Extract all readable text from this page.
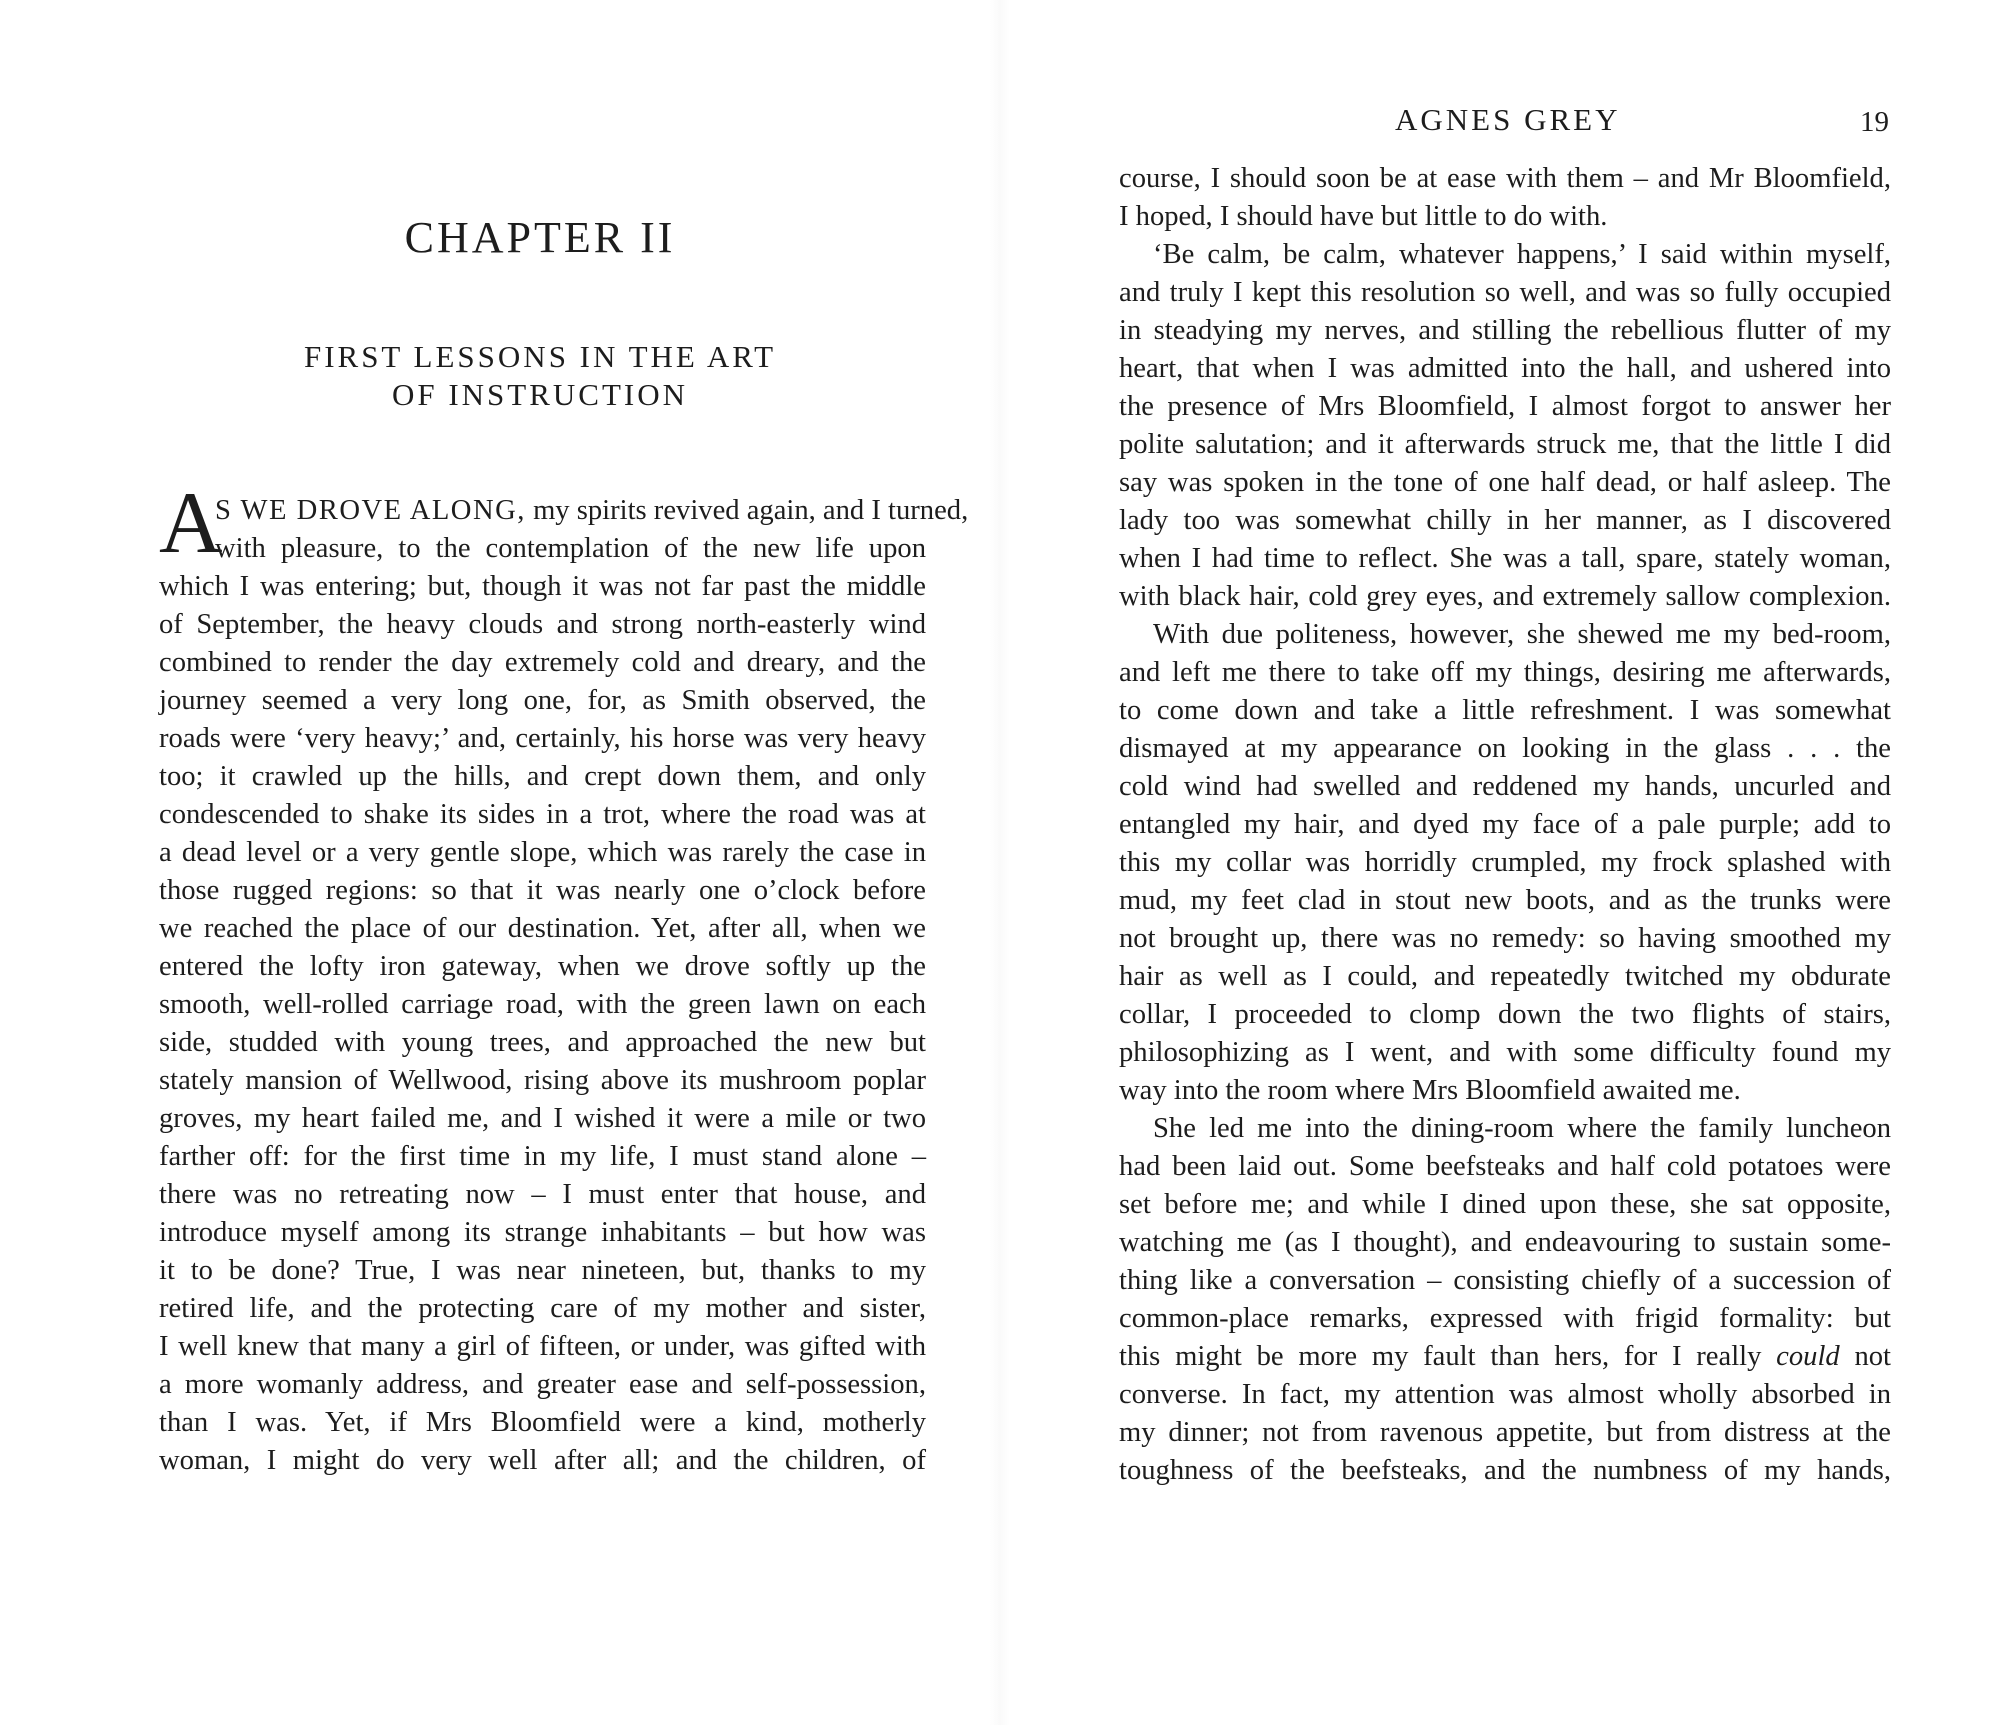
CHAPTER II
FIRST LESSONS IN THE ART
OF INSTRUCTION
A
S WE DROVE ALONG, my spirits revived again, and I turned,
with pleasure, to the contemplation of the new life upon
which I was entering; but, though it was not far past the middle
of September, the heavy clouds and strong north-easterly wind
combined to render the day extremely cold and dreary, and the
journey seemed a very long one, for, as Smith observed, the
roads were ‘very heavy;’ and, certainly, his horse was very heavy
too; it crawled up the hills, and crept down them, and only
condescended to shake its sides in a trot, where the road was at
a dead level or a very gentle slope, which was rarely the case in
those rugged regions: so that it was nearly one o’clock before
we reached the place of our destination. Yet, after all, when we
entered the lofty iron gateway, when we drove softly up the
smooth, well-rolled carriage road, with the green lawn on each
side, studded with young trees, and approached the new but
stately mansion of Wellwood, rising above its mushroom poplar
groves, my heart failed me, and I wished it were a mile or two
farther off: for the first time in my life, I must stand alone –
there was no retreating now – I must enter that house, and
introduce myself among its strange inhabitants – but how was
it to be done? True, I was near nineteen, but, thanks to my
retired life, and the protecting care of my mother and sister,
I well knew that many a girl of fifteen, or under, was gifted with
a more womanly address, and greater ease and self-possession,
than I was. Yet, if Mrs Bloomfield were a kind, motherly
woman, I might do very well after all; and the children, of
AGNES GREY	19
course, I should soon be at ease with them – and Mr Bloomfield,
I hoped, I should have but little to do with.
‘Be calm, be calm, whatever happens,’ I said within myself,
and truly I kept this resolution so well, and was so fully occupied
in steadying my nerves, and stilling the rebellious flutter of my
heart, that when I was admitted into the hall, and ushered into
the presence of Mrs Bloomfield, I almost forgot to answer her
polite salutation; and it afterwards struck me, that the little I did
say was spoken in the tone of one half dead, or half asleep. The
lady too was somewhat chilly in her manner, as I discovered
when I had time to reflect. She was a tall, spare, stately woman,
with black hair, cold grey eyes, and extremely sallow complexion.
With due politeness, however, she shewed me my bed-room,
and left me there to take off my things, desiring me afterwards,
to come down and take a little refreshment. I was somewhat
dismayed at my appearance on looking in the glass . . . the
cold wind had swelled and reddened my hands, uncurled and
entangled my hair, and dyed my face of a pale purple; add to
this my collar was horridly crumpled, my frock splashed with
mud, my feet clad in stout new boots, and as the trunks were
not brought up, there was no remedy: so having smoothed my
hair as well as I could, and repeatedly twitched my obdurate
collar, I proceeded to clomp down the two flights of stairs,
philosophizing as I went, and with some difficulty found my
way into the room where Mrs Bloomfield awaited me.
She led me into the dining-room where the family luncheon
had been laid out. Some beefsteaks and half cold potatoes were
set before me; and while I dined upon these, she sat opposite,
watching me (as I thought), and endeavouring to sustain some-
thing like a conversation – consisting chiefly of a succession of
common-place remarks, expressed with frigid formality: but
this might be more my fault than hers, for I really could not
converse. In fact, my attention was almost wholly absorbed in
my dinner; not from ravenous appetite, but from distress at the
toughness of the beefsteaks, and the numbness of my hands,
